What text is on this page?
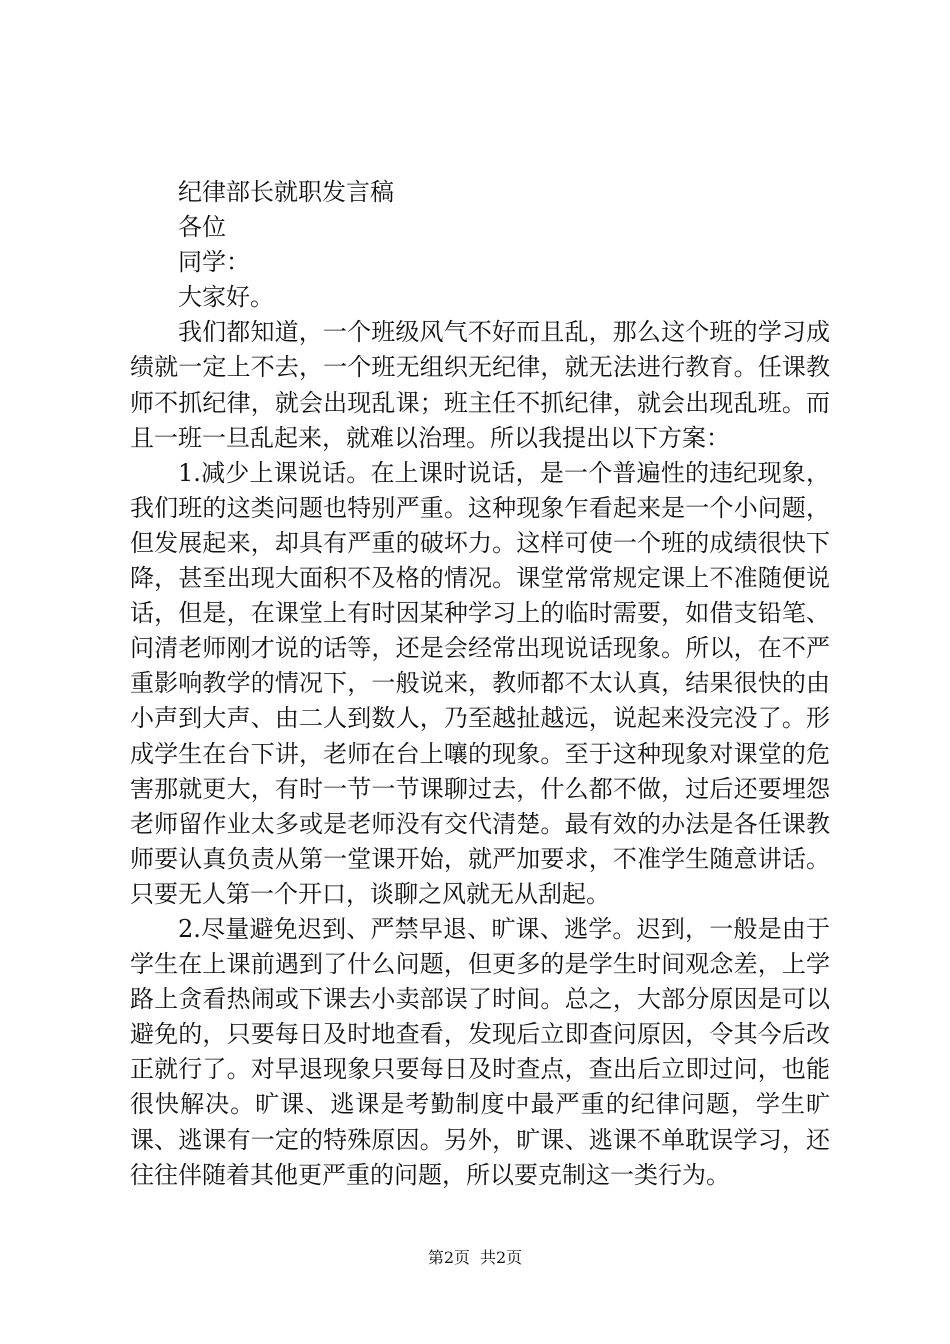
纪律部长就职发言稿

各位

同学：

大家好。

我们都知道，一个班级风气不好而且乱，那么这个班的学习成绩就一定上不去，一个班无组织无纪律，就无法进行教育。任课教师不抓纪律，就会出现乱课；班主任不抓纪律，就会出现乱班。而且一班一旦乱起来，就难以治理。所以我提出以下方案：

1.减少上课说话。在上课时说话，是一个普遍性的违纪现象，我们班的这类问题也特别严重。这种现象乍看起来是一个小问题，但发展起来，却具有严重的破坏力。这样可使一个班的成绩很快下降，甚至出现大面积不及格的情况。课堂常常规定课上不准随便说话，但是，在课堂上有时因某种学习上的临时需要，如借支铅笔、问清老师刚才说的话等，还是会经常出现说话现象。所以，在不严重影响教学的情况下，一般说来，教师都不太认真，结果很快的由小声到大声、由二人到数人，乃至越扯越远，说起来没完没了。形成学生在台下讲，老师在台上嚷的现象。至于这种现象对课堂的危害那就更大，有时一节一节课聊过去，什么都不做，过后还要埋怨老师留作业太多或是老师没有交代清楚。最有效的办法是各任课教师要认真负责从第一堂课开始，就严加要求，不准学生随意讲话。只要无人第一个开口，谈聊之风就无从刮起。

2.尽量避免迟到、严禁早退、旷课、逃学。迟到，一般是由于学生在上课前遇到了什么问题，但更多的是学生时间观念差，上学路上贪看热闹或下课去小卖部误了时间。总之，大部分原因是可以避免的，只要每日及时地查看，发现后立即查问原因，令其今后改正就行了。对早退现象只要每日及时查点，查出后立即过问，也能很快解决。旷课、逃课是考勤制度中最严重的纪律问题，学生旷课、逃课有一定的特殊原因。另外，旷课、逃课不单耽误学习，还往往伴随着其他更严重的问题，所以要克制这一类行为。

第2页 共2页
